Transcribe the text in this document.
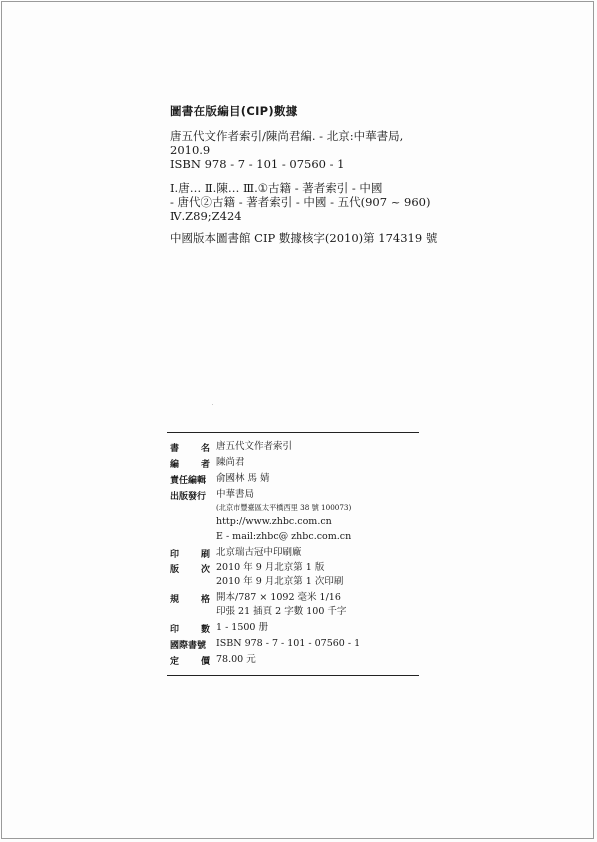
圖書在版編目(CIP)數據
唐五代文作者索引/陳尚君編. - 北京:中華書局,
2010.9
ISBN 978 - 7 - 101 - 07560 - 1
Ⅰ.唐… Ⅱ.陳… Ⅲ.①古籍 - 著者索引 - 中國
- 唐代②古籍 - 著者索引 - 中國 - 五代(907 ~ 960)
Ⅳ.Z89;Z424
中國版本圖書館 CIP 數據核字(2010)第 174319 號
書 名 唐五代文作者索引
編 者 陳尚君
責任編輯	俞國林 馬 婧
出版發行	中華書局
(北京市豐臺區太平橋西里 38 號 100073)
http://www.zhbc.com.cn
E - mail:zhbc@ zhbc.com.cn
印 刷 北京瑞古冠中印刷廠
版 次 2010 年 9 月北京第 1 版
2010 年 9 月北京第 1 次印刷
規 格 開本/787 × 1092 毫米 1/16
印張 21 插頁 2 字數 100 千字
印 數 1 - 1500 册
國際書號	ISBN 978 - 7 - 101 - 07560 - 1
定 價 78.00 元
